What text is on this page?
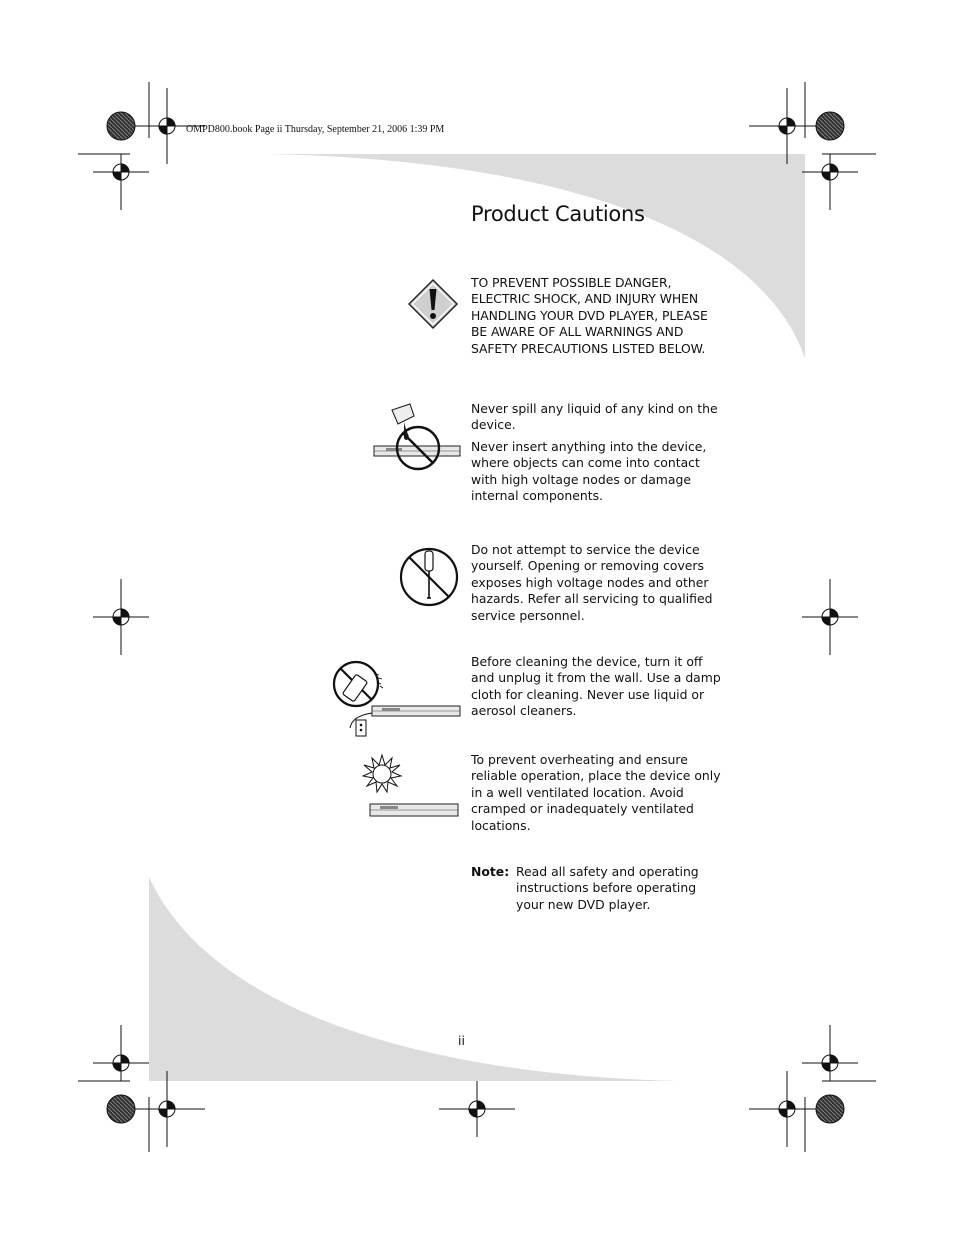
OMPD800.book Page ii Thursday, September 21, 2006 1:39 PM
Product Cautions

TO PREVENT POSSIBLE DANGER, ELECTRIC SHOCK, AND INJURY WHEN HANDLING YOUR DVD PLAYER, PLEASE BE AWARE OF ALL WARNINGS AND SAFETY PRECAUTIONS LISTED BELOW.

Never spill any liquid of any kind on the device.

Never insert anything into the device, where objects can come into contact with high voltage nodes or damage internal components.

Do not attempt to service the device yourself. Opening or removing covers exposes high voltage nodes and other hazards. Refer all servicing to qualified service personnel.

Before cleaning the device, turn it off and unplug it from the wall. Use a damp cloth for cleaning. Never use liquid or aerosol cleaners.

To prevent overheating and ensure reliable operation, place the device only in a well ventilated location. Avoid cramped or inadequately ventilated locations.

Note: Read all safety and operating instructions before operating your new DVD player.

ii
